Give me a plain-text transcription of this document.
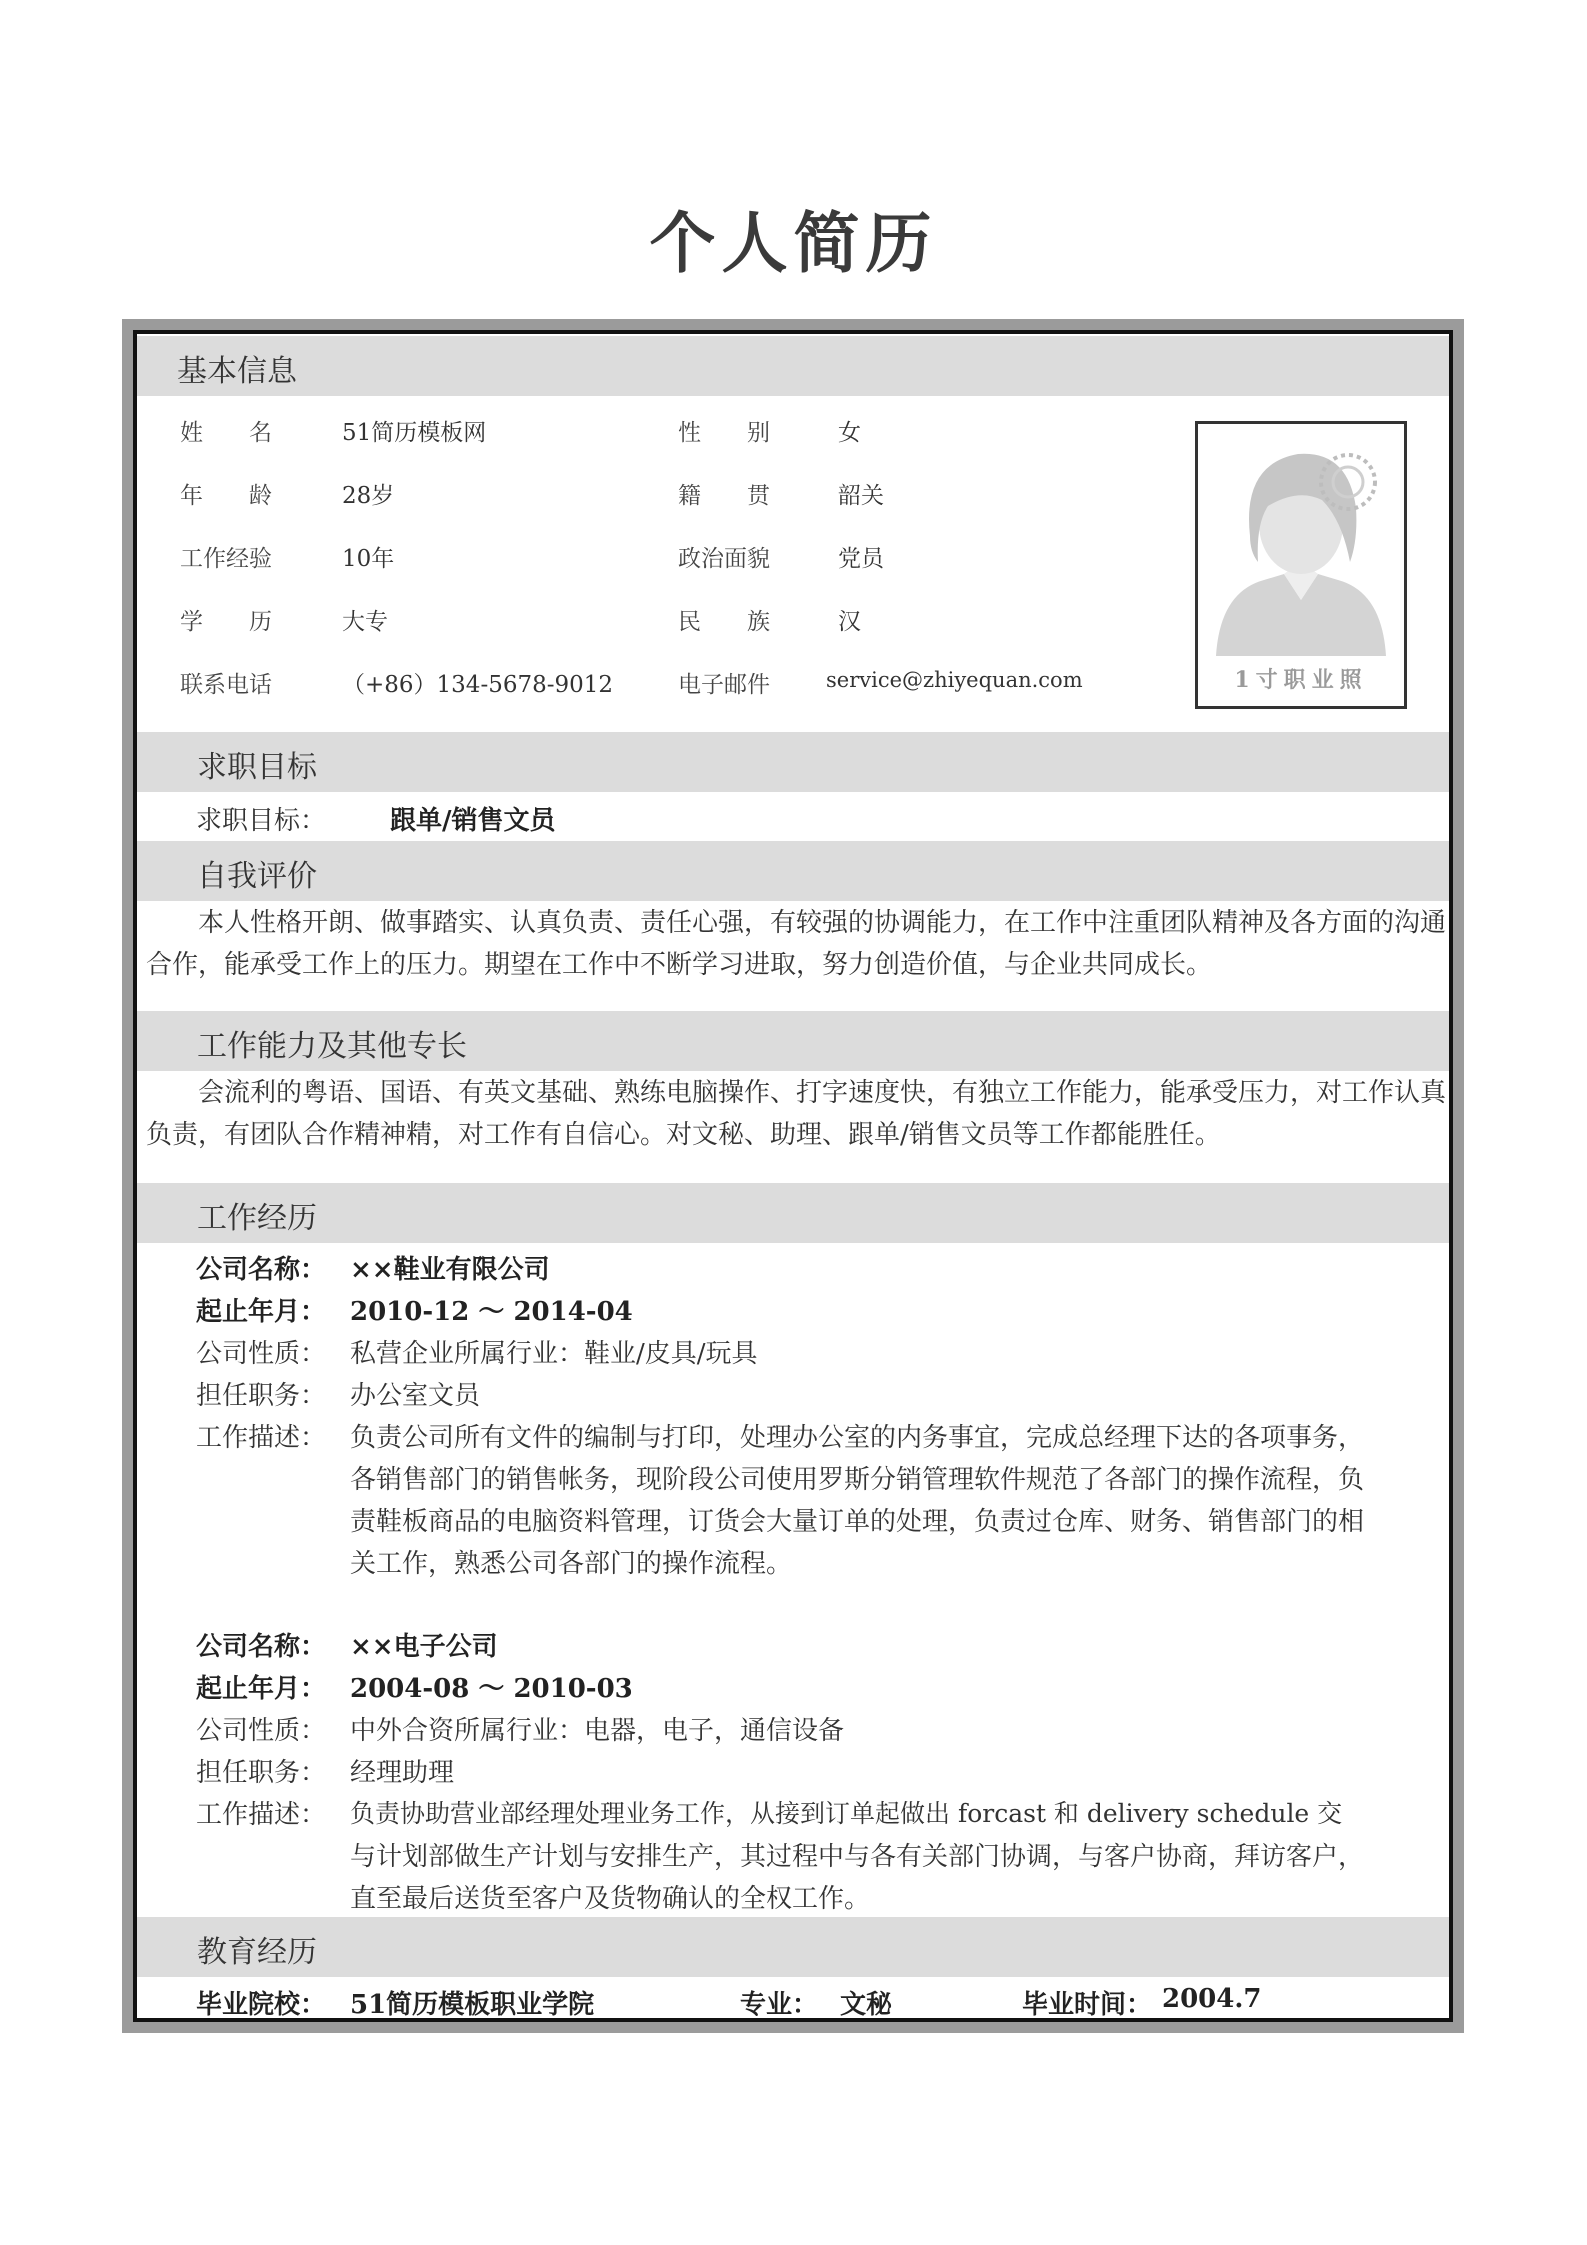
个人简历
基本信息
姓　　名	51简历模板网	性　　别	女
年　　龄	28岁	籍　　贯	韶关
工作经验	10年	政治面貌	党员
学　　历	大专	民　　族	汉
联系电话	（+86）134-5678-9012	电子邮件	service@zhiyequan.com	1寸职业照
求职目标
求职目标： 跟单/销售文员
自我评价
本人性格开朗、做事踏实、认真负责、责任心强，有较强的协调能力，在工作中注重团队精神及各方面的沟通合作，能承受工作上的压力。期望在工作中不断学习进取，努力创造价值，与企业共同成长。
工作能力及其他专长
会流利的粤语、国语、有英文基础、熟练电脑操作、打字速度快，有独立工作能力，能承受压力，对工作认真负责，有团队合作精神精，对工作有自信心。对文秘、助理、跟单/销售文员等工作都能胜任。
工作经历
公司名称： ××鞋业有限公司
起止年月： 2010-12 ～ 2014-04
公司性质： 私营企业所属行业：鞋业/皮具/玩具
担任职务： 办公室文员
工作描述： 负责公司所有文件的编制与打印，处理办公室的内务事宜，完成总经理下达的各项事务，
各销售部门的销售帐务，现阶段公司使用罗斯分销管理软件规范了各部门的操作流程，负
责鞋板商品的电脑资料管理，订货会大量订单的处理，负责过仓库、财务、销售部门的相
关工作，熟悉公司各部门的操作流程。
公司名称： ××电子公司
起止年月： 2004-08 ～ 2010-03
公司性质： 中外合资所属行业：电器，电子，通信设备
担任职务： 经理助理
工作描述： 负责协助营业部经理处理业务工作，从接到订单起做出 forcast 和 delivery schedule 交
与计划部做生产计划与安排生产，其过程中与各有关部门协调，与客户协商，拜访客户，
直至最后送货至客户及货物确认的全权工作。
教育经历
毕业院校： 51简历模板职业学院	专业： 文秘	毕业时间： 2004.7
